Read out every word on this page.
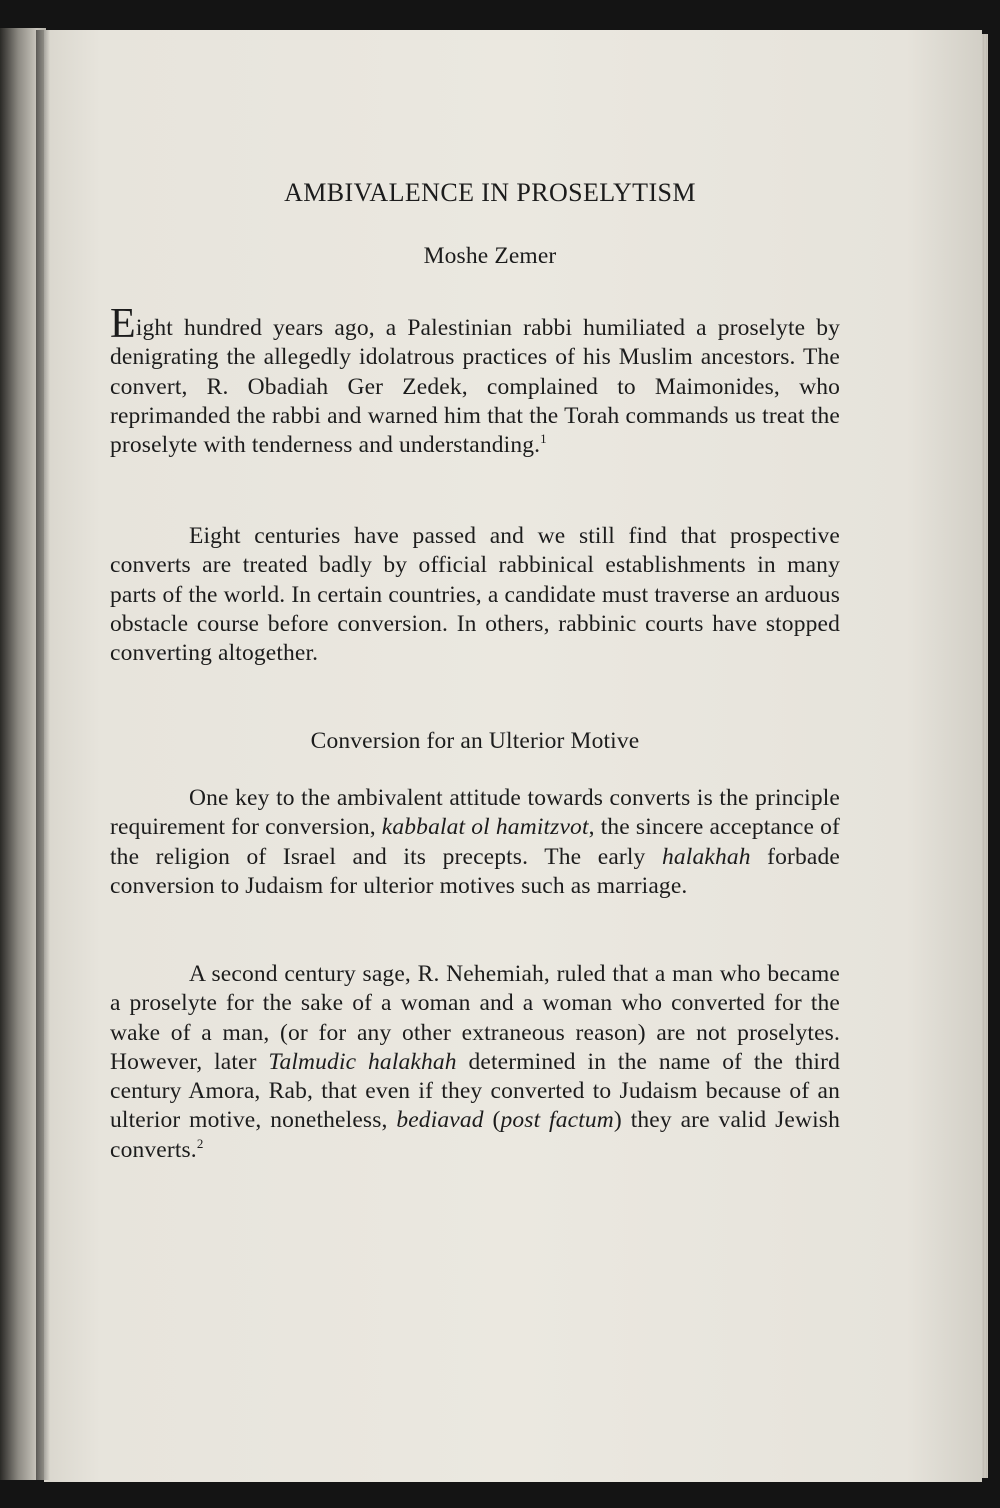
AMBIVALENCE IN PROSELYTISM
Moshe Zemer

Eight hundred years ago, a Palestinian rabbi humiliated a proselyte by denigrating the allegedly idolatrous practices of his Muslim ancestors. The convert, R. Obadiah Ger Zedek, complained to Maimonides, who reprimanded the rabbi and warned him that the Torah commands us treat the proselyte with tenderness and understanding.$^1$

Eight centuries have passed and we still find that prospective converts are treated badly by official rabbinical establishments in many parts of the world. In certain countries, a candidate must traverse an arduous obstacle course before conversion. In others, rabbinic courts have stopped converting altogether.

Conversion for an Ulterior Motive

One key to the ambivalent attitude towards converts is the principle requirement for conversion, kabbalat ol hamitzvot, the sincere acceptance of the religion of Israel and its precepts. The early halakhah forbade conversion to Judaism for ulterior motives such as marriage.

A second century sage, R. Nehemiah, ruled that a man who became a proselyte for the sake of a woman and a woman who converted for the wake of a man, (or for any other extraneous reason) are not proselytes. However, later Talmudic halakhah determined in the name of the third century Amora, Rab, that even if they converted to Judaism because of an ulterior motive, nonetheless, bediavad (post factum) they are valid Jewish converts.$^2$
